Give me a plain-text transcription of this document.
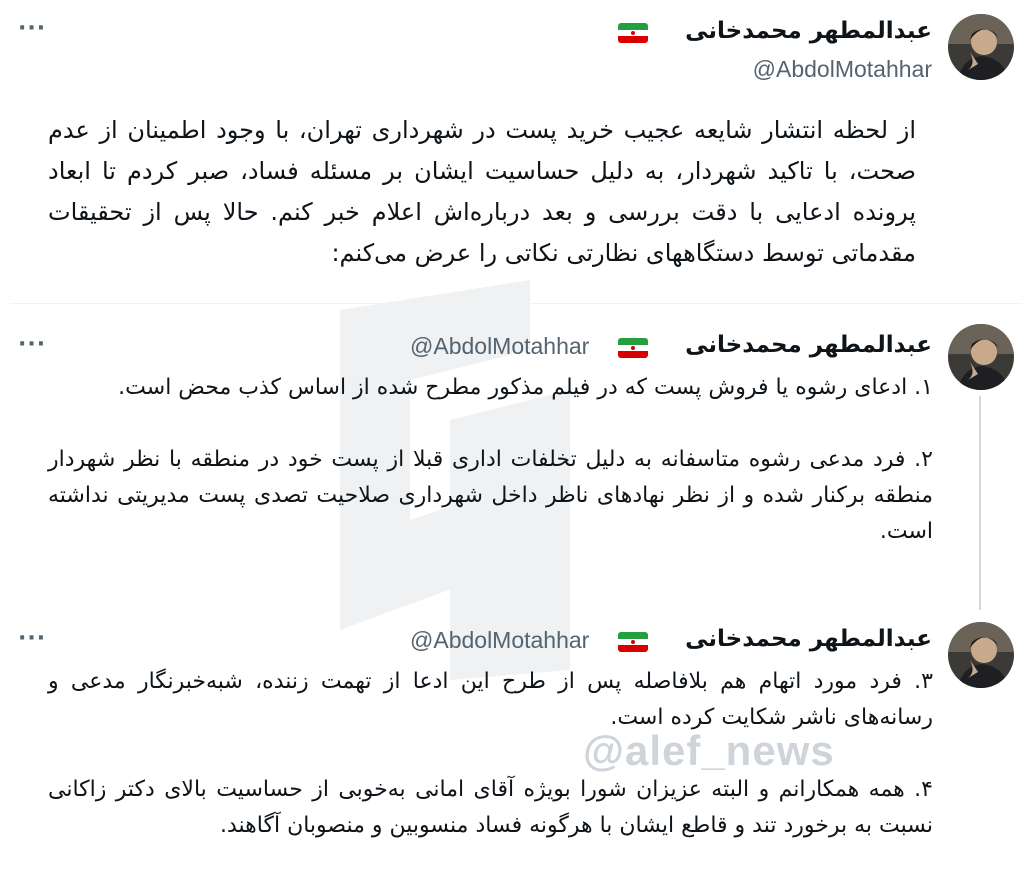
@alef_news
عبدالمطهر محمدخانی
@AbdolMotahhar
···
از لحظه انتشار شایعه عجیب خرید پست در شهرداری تهران، با وجود اطمینان از عدم صحت، با تاکید شهردار، به دلیل حساسیت ایشان بر مسئله فساد، صبر کردم تا ابعاد پرونده ادعایی با دقت بررسی و بعد درباره‌اش اعلام خبر کنم. حالا پس از تحقیقات مقدماتی توسط دستگاههای نظارتی نکاتی را عرض می‌کنم:
عبدالمطهر محمدخانی
@AbdolMotahhar
···
۱. ادعای رشوه یا فروش پست که در فیلم مذکور مطرح شده از اساس کذب محض است.
۲. فرد مدعی رشوه متاسفانه به دلیل تخلفات اداری قبلا از پست خود در منطقه با نظر شهردار منطقه برکنار شده و از نظر نهادهای ناظر داخل شهرداری صلاحیت تصدی پست مدیریتی نداشته است.
عبدالمطهر محمدخانی
@AbdolMotahhar
···
۳. فرد مورد اتهام هم بلافاصله پس از طرح این ادعا از تهمت زننده، شبه‌خبرنگار مدعی و رسانه‌های ناشر شکایت کرده است.
۴. همه همکارانم و البته عزیزان شورا بویژه آقای امانی به‌خوبی از حساسیت بالای دکتر زاکانی نسبت به برخورد تند و قاطع ایشان با هرگونه فساد منسوبین و منصوبان آگاهند.
